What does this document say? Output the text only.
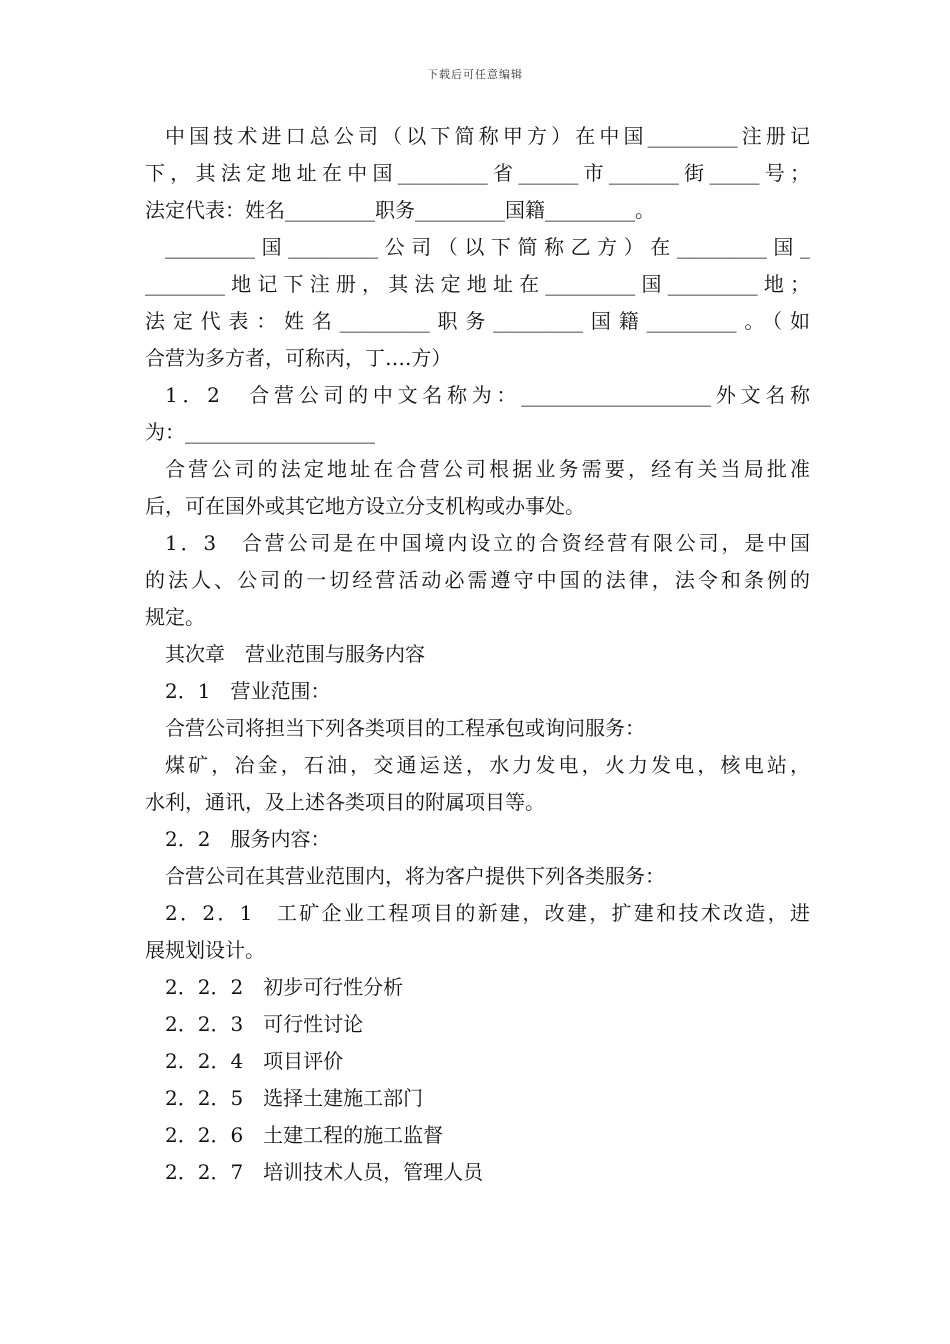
下载后可任意编辑

中国技术进口总公司（以下简称甲方）在中国_________注册记

下，其法定地址在中国_________省______市_______街_____号；

法定代表：姓名_________职务_________国籍_________。

_________国_________公司（以下简称乙方）在_________国_

________地记下注册，其法定地址在_________国_________地；

法定代表：姓名_________职务_________国籍_________。（如

合营为多方者，可称丙，丁….方）

1．2　合营公司的中文名称为：___________________外文名称

为：___________________

合营公司的法定地址在合营公司根据业务需要，经有关当局批准

后，可在国外或其它地方设立分支机构或办事处。

1．3　合营公司是在中国境内设立的合资经营有限公司，是中国

的法人、公司的一切经营活动必需遵守中国的法律，法令和条例的

规定。

其次章　营业范围与服务内容

2．1　营业范围：

合营公司将担当下列各类项目的工程承包或询问服务：

煤矿，冶金，石油，交通运送，水力发电，火力发电，核电站，

水利，通讯，及上述各类项目的附属项目等。

2．2　服务内容：

合营公司在其营业范围内，将为客户提供下列各类服务：

2．2．1　工矿企业工程项目的新建，改建，扩建和技术改造，进

展规划设计。

2．2．2　初步可行性分析

2．2．3　可行性讨论

2．2．4　项目评价

2．2．5　选择土建施工部门

2．2．6　土建工程的施工监督

2．2．7　培训技术人员，管理人员
